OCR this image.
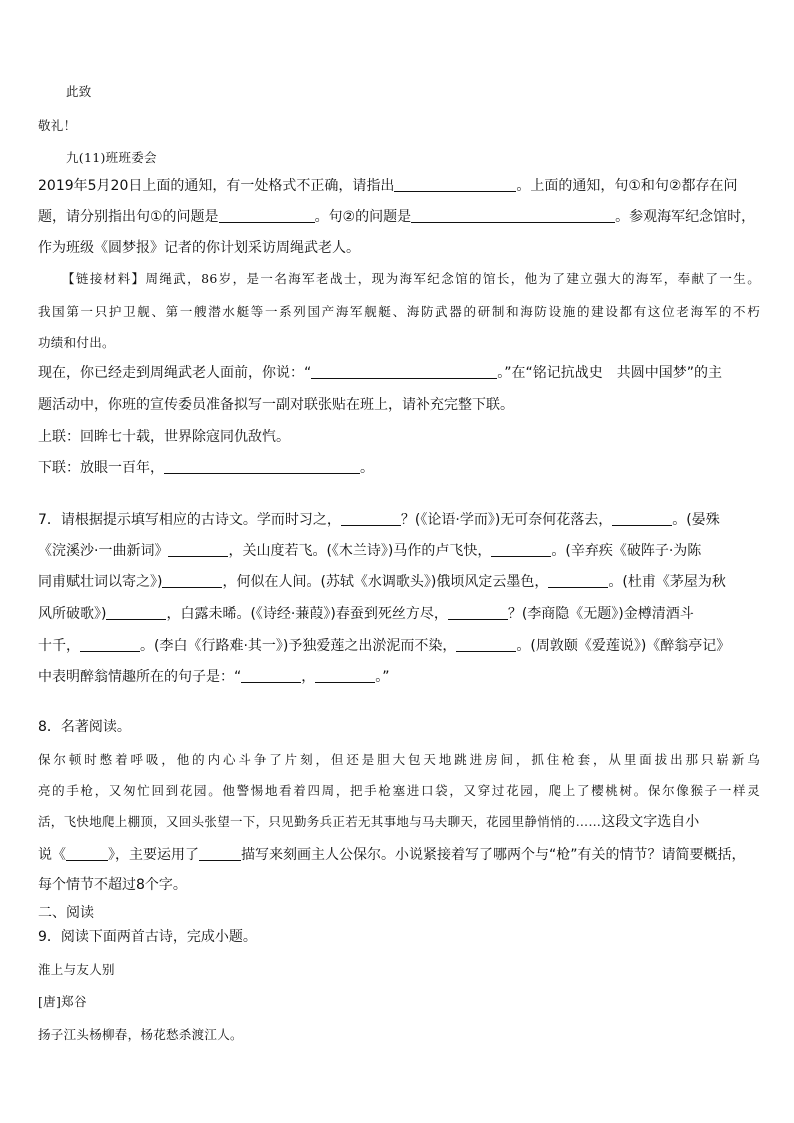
此致
敬礼！
九(11)班班委会
2019年5月20日上面的通知，有一处格式不正确，请指出	。上面的通知，句①和句②都存在问
题，请分别指出句①的问题是	。句②的问题是	。参观海军纪念馆时，
作为班级《圆梦报》记者的你计划采访周绳武老人。
【链接材料】周绳武，86岁，是一名海军老战士，现为海军纪念馆的馆长，他为了建立强大的海军，奉献了一生。
我国第一只护卫舰、第一艘潜水艇等一系列国产海军舰艇、海防武器的研制和海防设施的建设都有这位老海军的不朽
功绩和付出。
现在，你已经走到周绳武老人面前，你说：“	。”在“铭记抗战史　共圆中国梦”的主
题活动中，你班的宣传委员准备拟写一副对联张贴在班上，请补充完整下联。
上联：回眸七十载，世界除寇同仇敌忾。
下联：放眼一百年，	。
7．请根据提示填写相应的古诗文。学而时习之，	？(《论语·学而》)无可奈何花落去，	。(晏殊
《浣溪沙·一曲新词》	，关山度若飞。(《木兰诗》)马作的卢飞快，	。(辛弃疾《破阵子·为陈
同甫赋壮词以寄之》)	，何似在人间。(苏轼《水调歌头》)俄顷风定云墨色，	。(杜甫《茅屋为秋
风所破歌》)	，白露未晞。(《诗经·蒹葭》)春蚕到死丝方尽，	？(李商隐《无题》)金樽清酒斗
十千，	。(李白《行路难·其一》)予独爱莲之出淤泥而不染，	。(周敦颐《爱莲说》)《醉翁亭记》
中表明醉翁情趣所在的句子是：“	，	。”
8．名著阅读。
保尔顿时憋着呼吸，他的内心斗争了片刻，但还是胆大包天地跳进房间，抓住枪套，从里面拔出那只崭新乌
亮的手枪，又匆忙回到花园。他警惕地看着四周，把手枪塞进口袋，又穿过花园，爬上了樱桃树。保尔像猴子一样灵
活，飞快地爬上棚顶，又回头张望一下，只见勤务兵正若无其事地与马夫聊天，花园里静悄悄的……这段文字选自小
说《	》，主要运用了	描写来刻画主人公保尔。小说紧接着写了哪两个与“枪”有关的情节？请简要概括，
每个情节不超过8个字。
二、阅读
9．阅读下面两首古诗，完成小题。
淮上与友人别
[唐]郑谷
扬子江头杨柳春，杨花愁杀渡江人。
